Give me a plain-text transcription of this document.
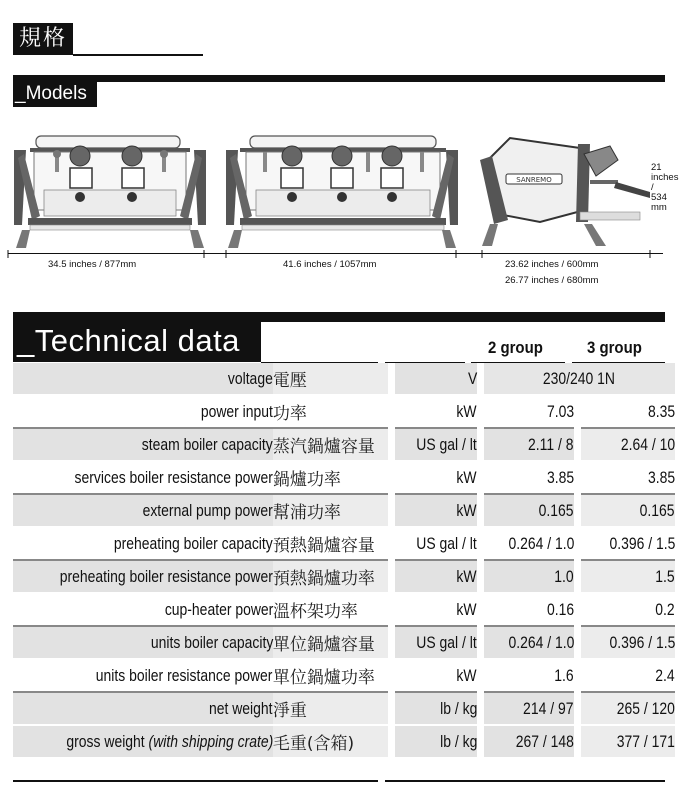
規格
_Models
SANREMO
34.5 inches / 877mm	41.6 inches / 1057mm	23.62 inches / 600mm
26.77 inches / 680mm
21
inches
/
534
mm
_Technical data	2 group	3 group
voltage	電壓		V		230/240 1N		
power input	功率		kW		7.03		8.35
steam boiler capacity	蒸汽鍋爐容量		US gal / lt		2.11 / 8		2.64 / 10
services boiler resistance power	鍋爐功率		kW		3.85		3.85
external pump power	幫浦功率		kW		0.165		0.165
preheating boiler capacity	預熱鍋爐容量		US gal / lt		0.264 / 1.0		0.396 / 1.5
preheating boiler resistance power	預熱鍋爐功率		kW		1.0		1.5
cup-heater power	溫杯架功率		kW		0.16		0.2
units boiler capacity	單位鍋爐容量		US gal / lt		0.264 / 1.0		0.396 / 1.5
units boiler resistance power	單位鍋爐功率		kW		1.6		2.4
net weight	淨重		lb / kg		214 / 97		265 / 120
gross weight (with shipping crate)	毛重(含箱)		lb / kg		267 / 148		377 / 171
